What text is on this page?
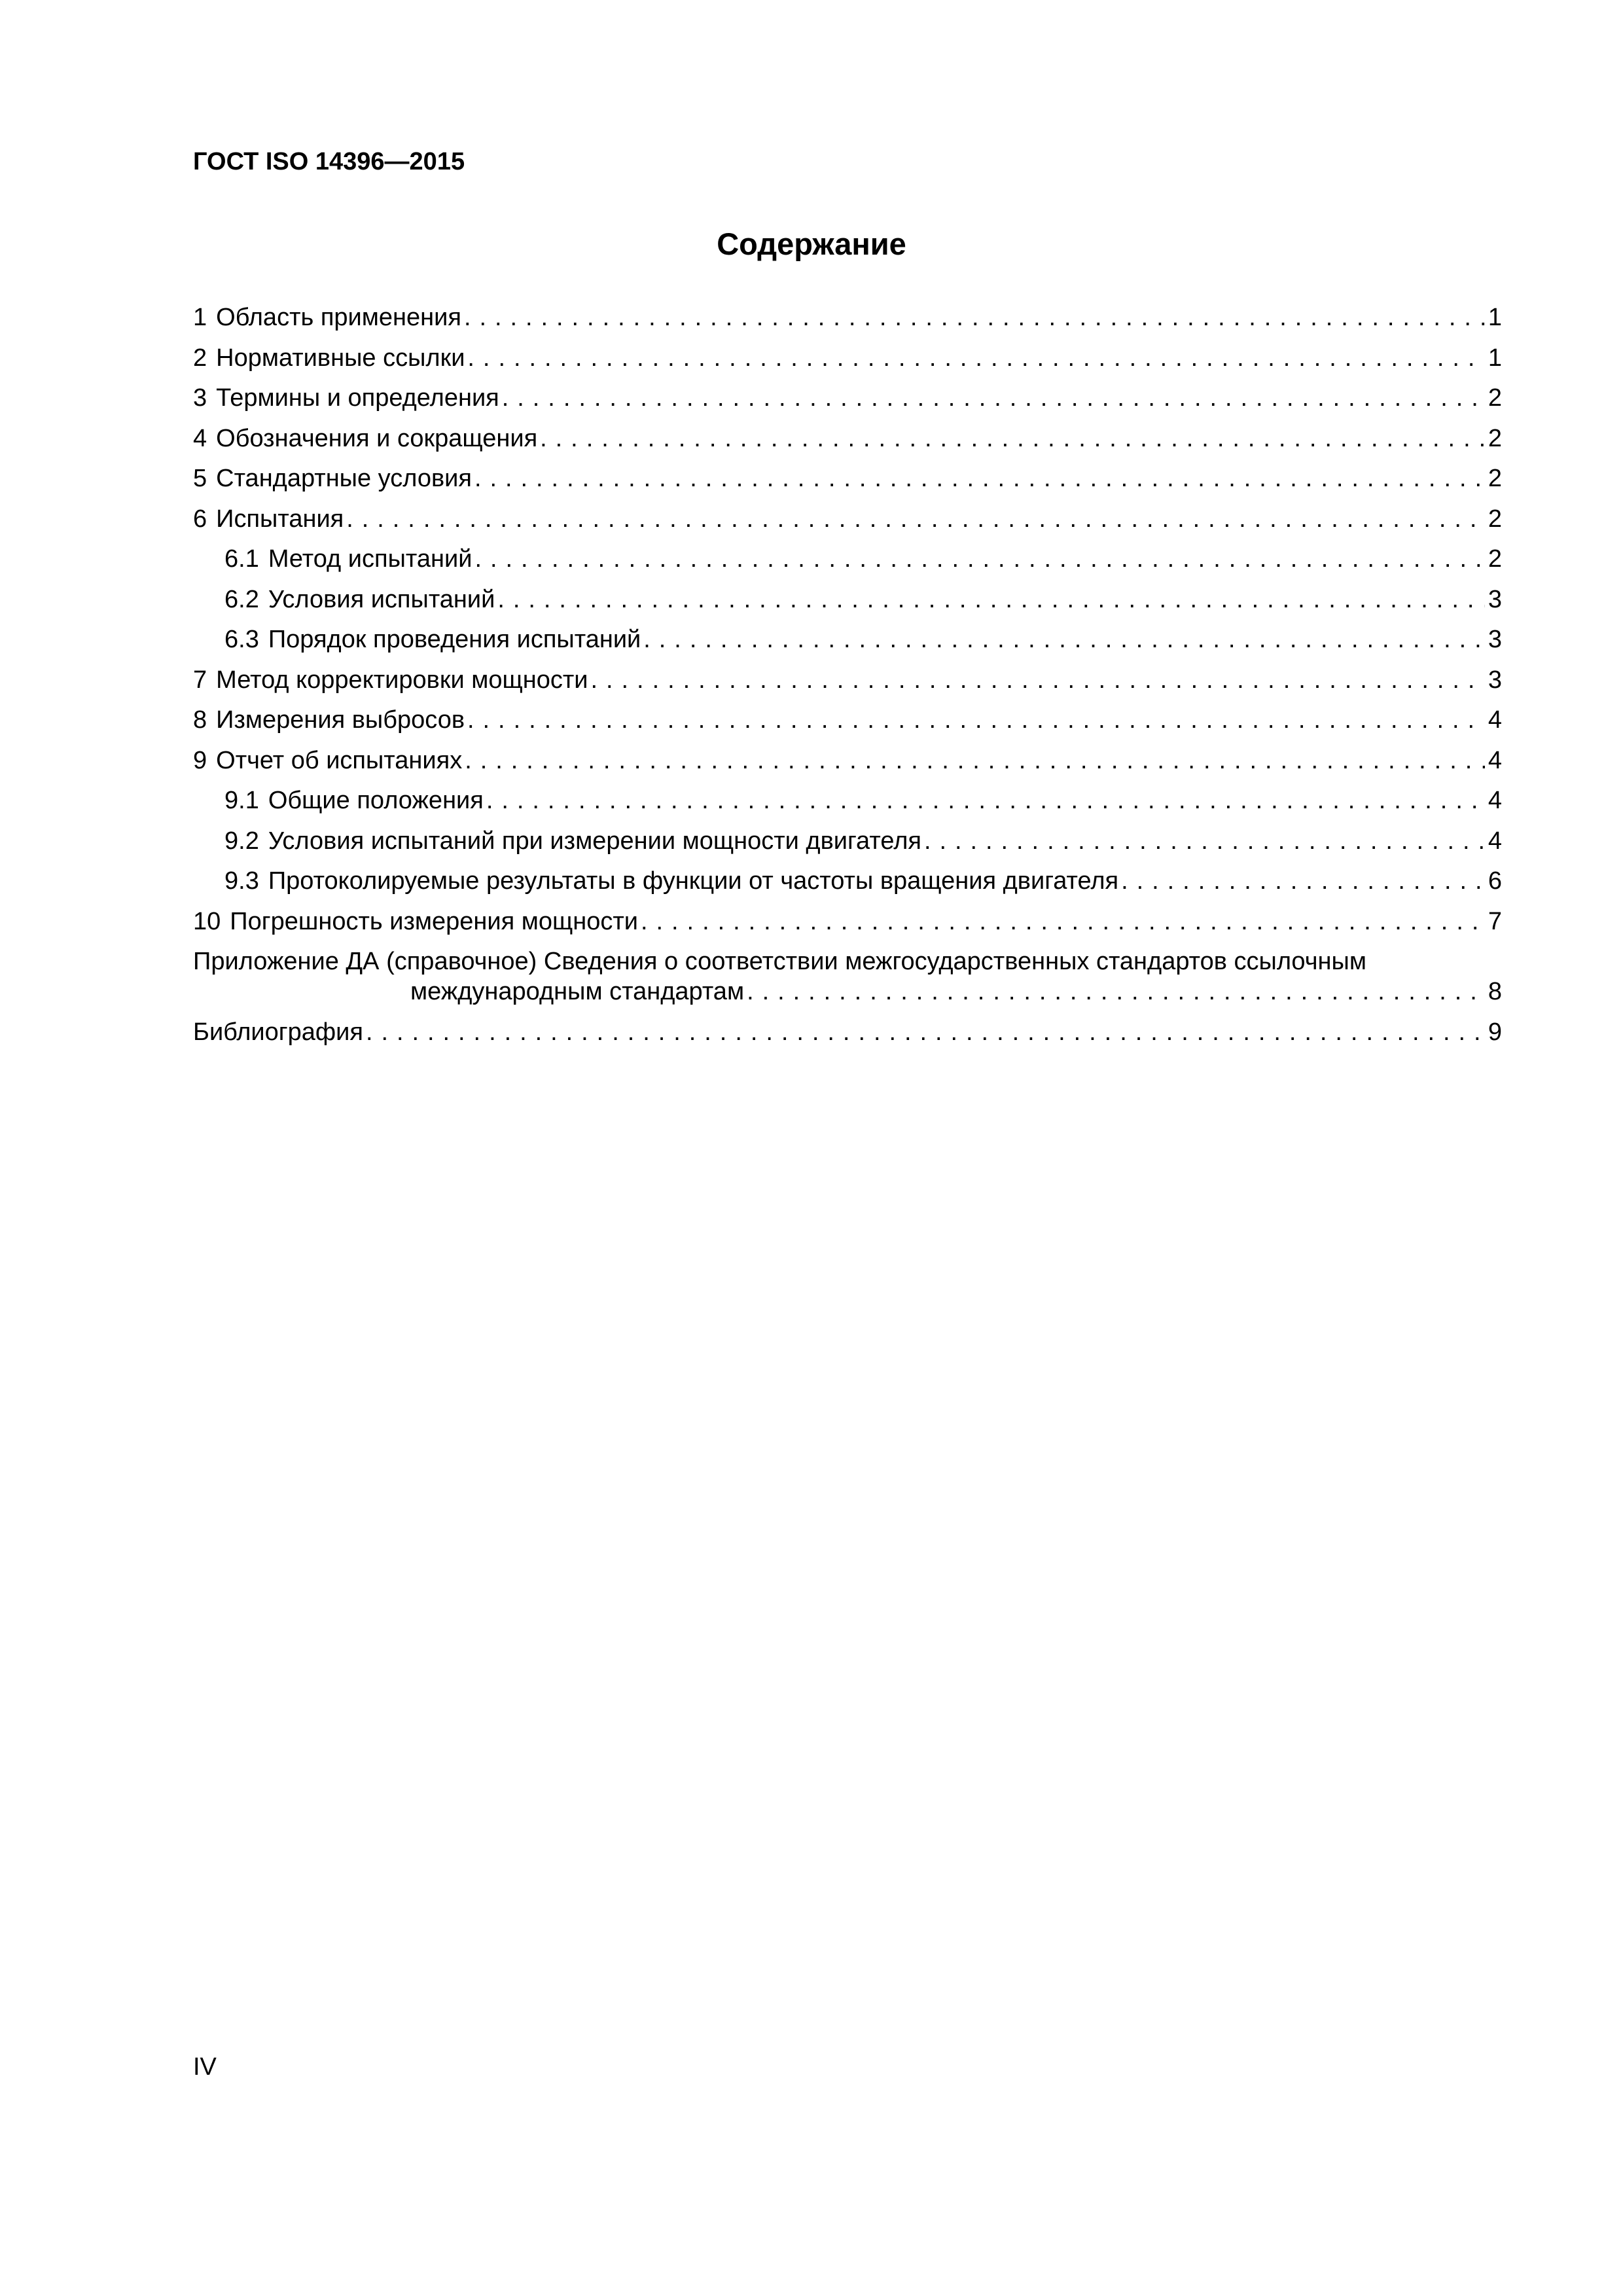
ГОСТ ISO 14396—2015
Содержание
1 Область применения . . .	1
2 Нормативные ссылки . . .	1
3 Термины и определения . . .	2
4 Обозначения и сокращения . . .	2
5 Стандартные условия . . .	2
6 Испытания . . .	2
6.1 Метод испытаний . . .	2
6.2 Условия испытаний . . .	3
6.3 Порядок проведения испытаний . . .	3
7 Метод корректировки мощности . . .	3
8 Измерения выбросов . . .	4
9 Отчет об испытаниях . . .	4
9.1 Общие положения . . .	4
9.2 Условия испытаний при измерении мощности двигателя . . .	4
9.3 Протоколируемые результаты в функции от частоты вращения двигателя . . .	6
10 Погрешность измерения мощности . . .	7
Приложение ДА (справочное) Сведения о соответствии межгосударственных стандартов ссылочным
международным стандартам . . .	8
Библиография . . .	9
IV
